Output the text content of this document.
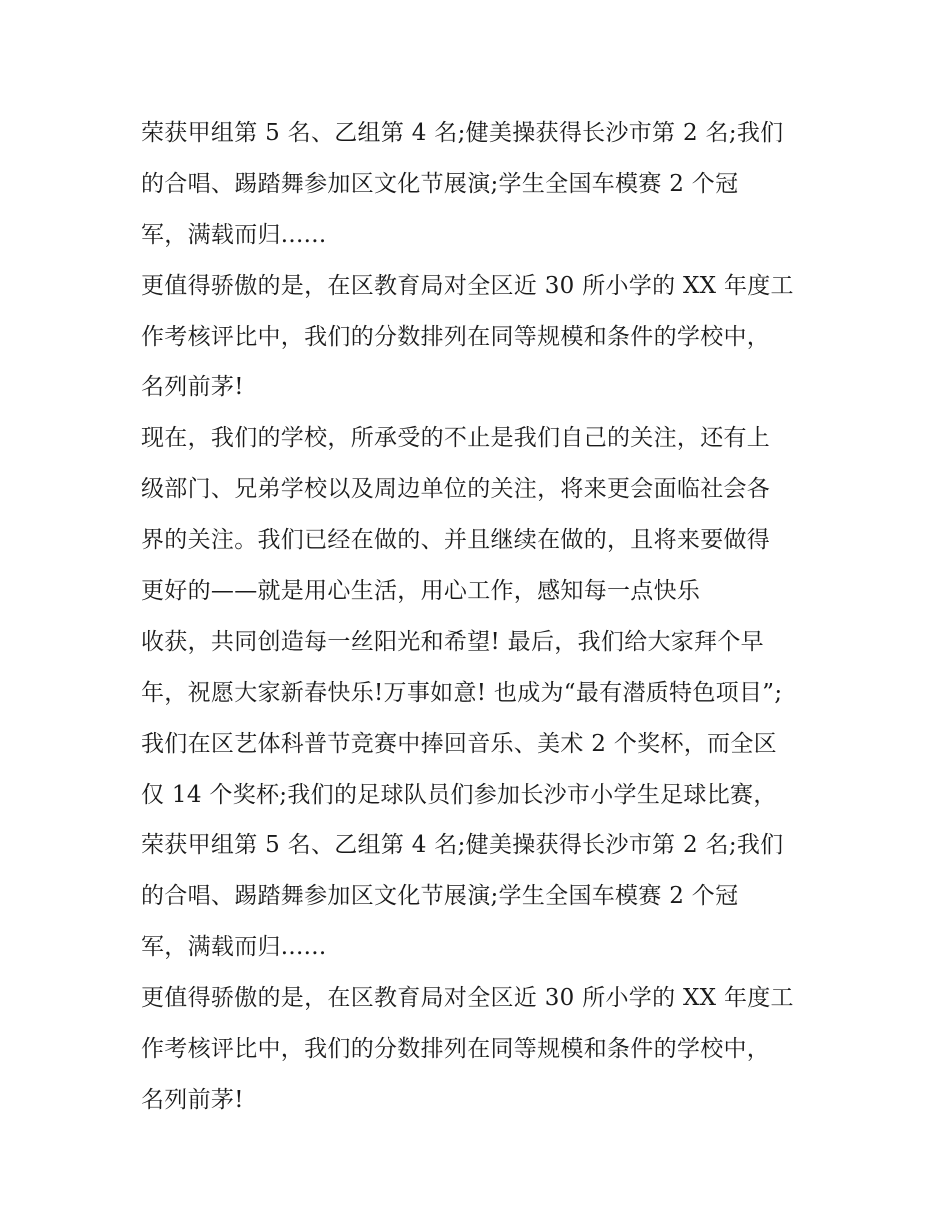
荣获甲组第 5 名、乙组第 4 名;健美操获得长沙市第 2 名;我们
的合唱、踢踏舞参加区文化节展演;学生全国车模赛 2 个冠
军，满载而归......
更值得骄傲的是，在区教育局对全区近 30 所小学的 XX 年度工
作考核评比中，我们的分数排列在同等规模和条件的学校中，
名列前茅!
现在，我们的学校，所承受的不止是我们自己的关注，还有上
级部门、兄弟学校以及周边单位的关注，将来更会面临社会各
界的关注。我们已经在做的、并且继续在做的，且将来要做得
更好的——就是用心生活，用心工作，感知每一点快乐
收获，共同创造每一丝阳光和希望! 最后，我们给大家拜个早
年，祝愿大家新春快乐!万事如意! 也成为“最有潜质特色项目”;
我们在区艺体科普节竞赛中捧回音乐、美术 2 个奖杯，而全区
仅 14 个奖杯;我们的足球队员们参加长沙市小学生足球比赛，
荣获甲组第 5 名、乙组第 4 名;健美操获得长沙市第 2 名;我们
的合唱、踢踏舞参加区文化节展演;学生全国车模赛 2 个冠
军，满载而归......
更值得骄傲的是，在区教育局对全区近 30 所小学的 XX 年度工
作考核评比中，我们的分数排列在同等规模和条件的学校中，
名列前茅!
